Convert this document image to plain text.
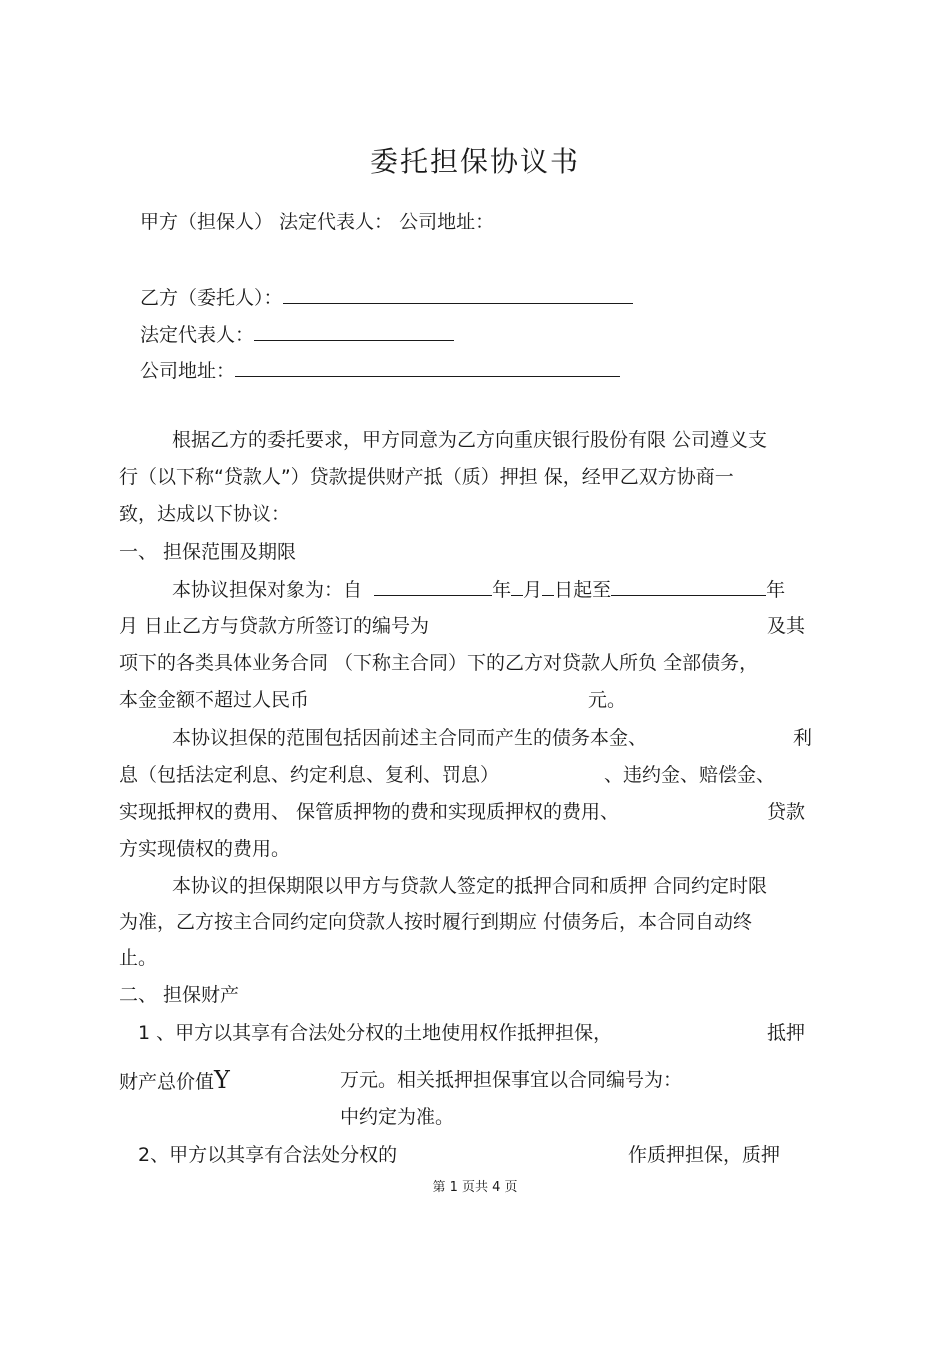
委托担保协议书
甲方（担保人） 法定代表人： 公司地址：
乙方（委托人）：
法定代表人：
公司地址：
根据乙方的委托要求，甲方同意为乙方向重庆银行股份有限 公司遵义支
行（以下称“贷款人”）贷款提供财产抵（质）押担 保，经甲乙双方协商一
致，达成以下协议：
一、 担保范围及期限
本协议担保对象为：自	年 月 日起至	年
月 日止乙方与贷款方所签订的编号为	及其
项下的各类具体业务合同 （下称主合同）下的乙方对贷款人所负 全部债务，
本金金额不超过人民币	元。
本协议担保的范围包括因前述主合同而产生的债务本金、	利
息（包括法定利息、约定利息、复利、罚息）	、违约金、赔偿金、
实现抵押权的费用、 保管质押物的费和实现质押权的费用、	贷款
方实现债权的费用。
本协议的担保期限以甲方与贷款人签定的抵押合同和质押 合同约定时限
为准，乙方按主合同约定向贷款人按时履行到期应 付债务后，本合同自动终
止。
二、 担保财产
1 、甲方以其享有合法处分权的土地使用权作抵押担保，	抵押
财产总价值Y	万元。相关抵押担保事宜以合同编号为：
中约定为准。
2、甲方以其享有合法处分权的	作质押担保，质押
第 1 页共 4 页
